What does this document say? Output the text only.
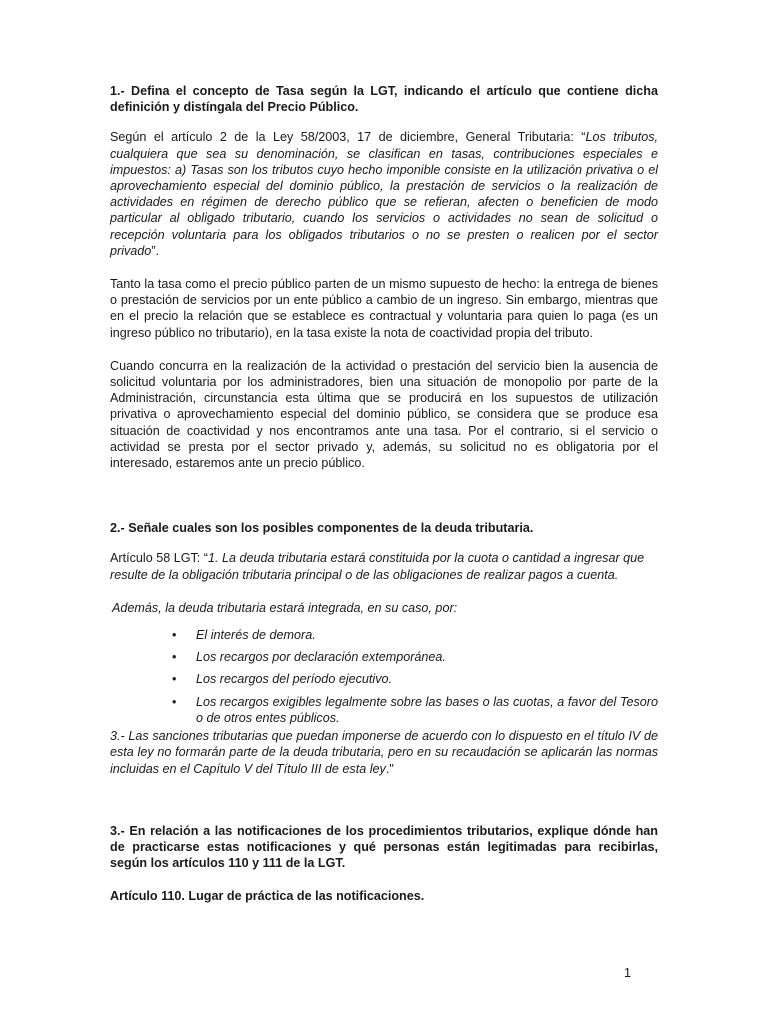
1.- Defina el concepto de Tasa según la LGT, indicando el artículo que contiene dicha definición y distíngala del Precio Público.

Según el artículo 2 de la Ley 58/2003, 17 de diciembre, General Tributaria: “Los tributos, cualquiera que sea su denominación, se clasifican en tasas, contribuciones especiales e impuestos: a) Tasas son los tributos cuyo hecho imponible consiste en la utilización privativa o el aprovechamiento especial del dominio público, la prestación de servicios o la realización de actividades en régimen de derecho público que se refieran, afecten o beneficien de modo particular al obligado tributario, cuando los servicios o actividades no sean de solicitud o recepción voluntaria para los obligados tributarios o no se presten o realicen por el sector privado”.

Tanto la tasa como el precio público parten de un mismo supuesto de hecho: la entrega de bienes o prestación de servicios por un ente público a cambio de un ingreso. Sin embargo, mientras que en el precio la relación que se establece es contractual y voluntaria para quien lo paga (es un ingreso público no tributario), en la tasa existe la nota de coactividad propia del tributo.

Cuando concurra en la realización de la actividad o prestación del servicio bien la ausencia de solicitud voluntaria por los administradores, bien una situación de monopolio por parte de la Administración, circunstancia esta última que se producirá en los supuestos de utilización privativa o aprovechamiento especial del dominio público, se considera que se produce esa situación de coactividad y nos encontramos ante una tasa. Por el contrario, si el servicio o actividad se presta por el sector privado y, además, su solicitud no es obligatoria por el interesado, estaremos ante un precio público.

2.- Señale cuales son los posibles componentes de la deuda tributaria.

Artículo 58 LGT: “1. La deuda tributaria estará constituida por la cuota o cantidad a ingresar que resulte de la obligación tributaria principal o de las obligaciones de realizar pagos a cuenta.

Además, la deuda tributaria estará integrada, en su caso, por:

• El interés de demora.
• Los recargos por declaración extemporánea.
• Los recargos del período ejecutivo.
• Los recargos exigibles legalmente sobre las bases o las cuotas, a favor del Tesoro o de otros entes públicos.

3.- Las sanciones tributarias que puedan imponerse de acuerdo con lo dispuesto en el título IV de esta ley no formarán parte de la deuda tributaria, pero en su recaudación se aplicarán las normas incluidas en el Capítulo V del Título III de esta ley."

3.- En relación a las notificaciones de los procedimientos tributarios, explique dónde han de practicarse estas notificaciones y qué personas están legitimadas para recibirlas, según los artículos 110 y 111 de la LGT.

Artículo 110. Lugar de práctica de las notificaciones.

1
